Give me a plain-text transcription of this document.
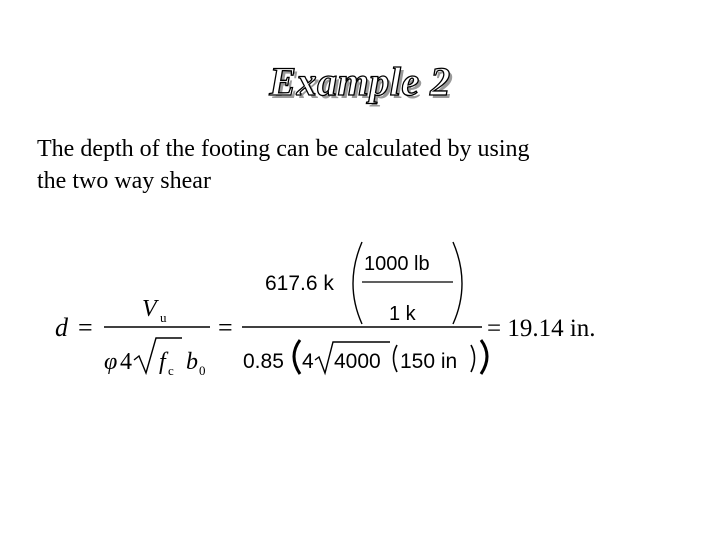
Example 2
The depth of the footing can be calculated by using
the two way shear
d =
V u
φ 4 f c b 0
=
617.6 k
1000 lb
1 k
0.85 4 4000 150 in
= 19.14 in.
